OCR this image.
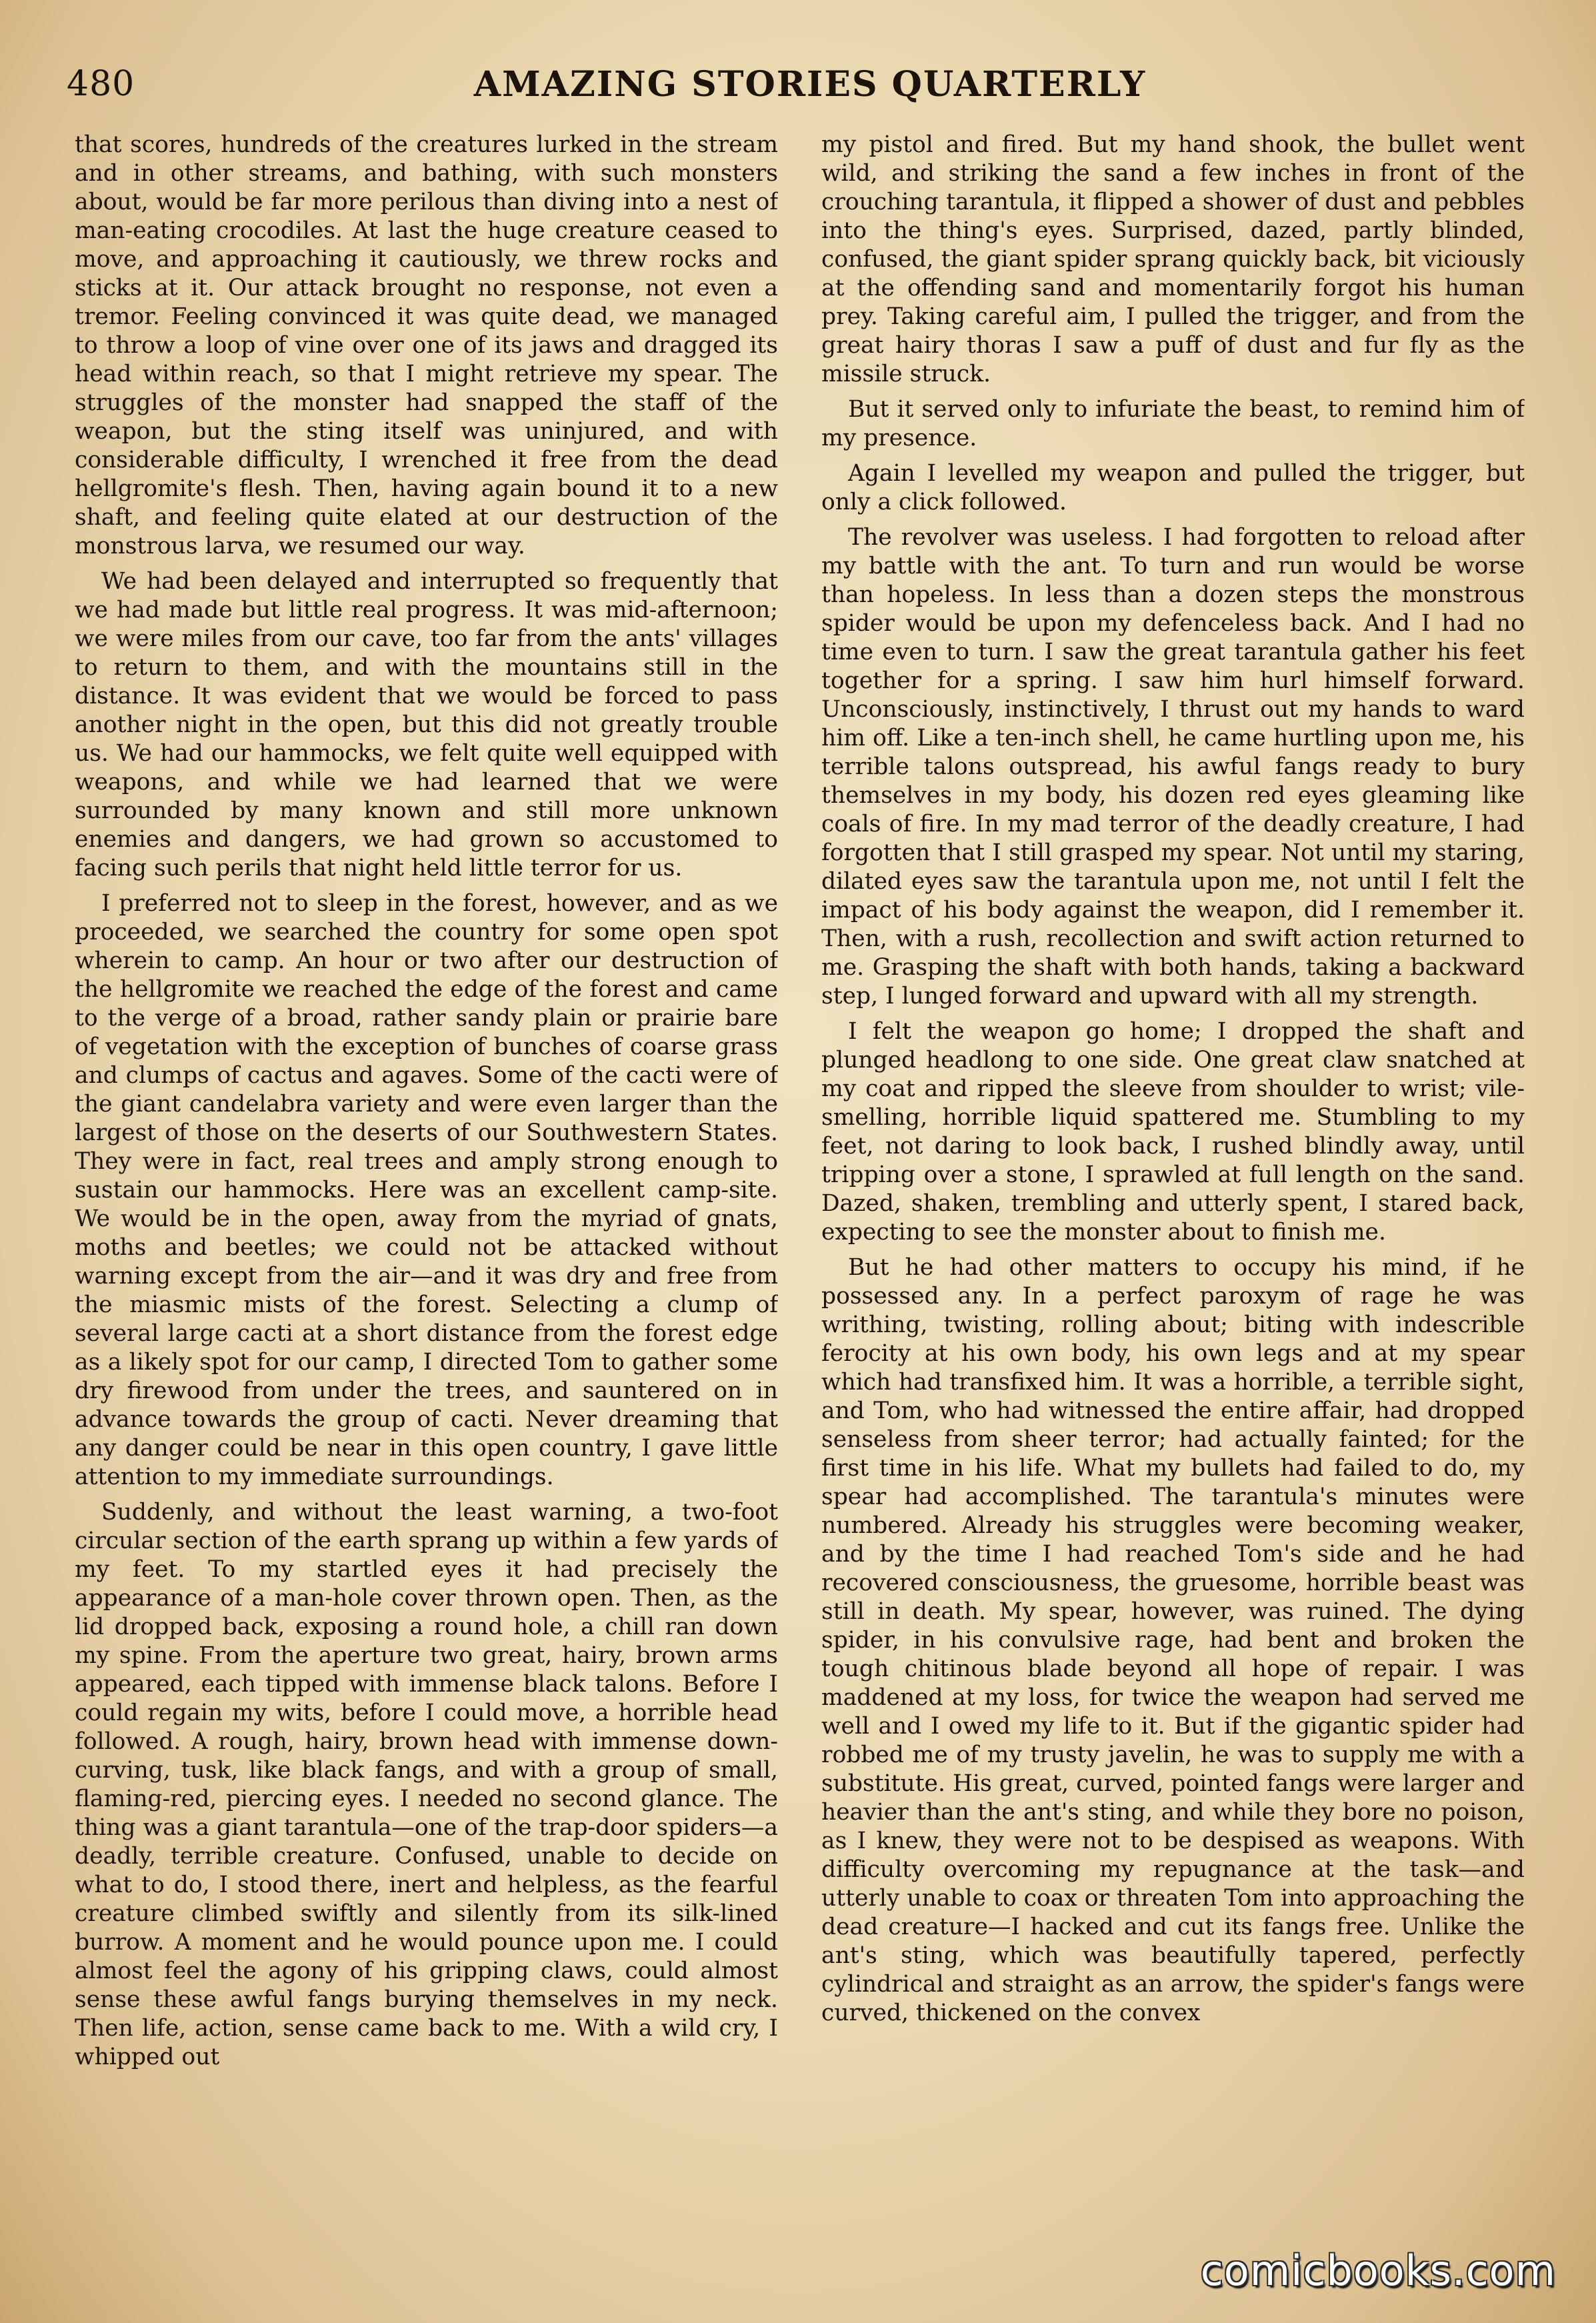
480	AMAZING STORIES QUARTERLY

that scores, hundreds of the creatures lurked in the stream and in other streams, and bathing, with such monsters about, would be far more perilous than diving into a nest of man-eating crocodiles. At last the huge creature ceased to move, and approaching it cautiously, we threw rocks and sticks at it. Our attack brought no response, not even a tremor. Feeling convinced it was quite dead, we managed to throw a loop of vine over one of its jaws and dragged its head within reach, so that I might retrieve my spear. The struggles of the monster had snapped the staff of the weapon, but the sting itself was uninjured, and with considerable difficulty, I wrenched it free from the dead hellgromite's flesh. Then, having again bound it to a new shaft, and feeling quite elated at our destruction of the monstrous larva, we resumed our way.

We had been delayed and interrupted so frequently that we had made but little real progress. It was mid-afternoon; we were miles from our cave, too far from the ants' villages to return to them, and with the mountains still in the distance. It was evident that we would be forced to pass another night in the open, but this did not greatly trouble us. We had our hammocks, we felt quite well equipped with weapons, and while we had learned that we were surrounded by many known and still more unknown enemies and dangers, we had grown so accustomed to facing such perils that night held little terror for us.

I preferred not to sleep in the forest, however, and as we proceeded, we searched the country for some open spot wherein to camp. An hour or two after our destruction of the hellgromite we reached the edge of the forest and came to the verge of a broad, rather sandy plain or prairie bare of vegetation with the exception of bunches of coarse grass and clumps of cactus and agaves. Some of the cacti were of the giant candelabra variety and were even larger than the largest of those on the deserts of our Southwestern States. They were in fact, real trees and amply strong enough to sustain our hammocks. Here was an excellent camp-site. We would be in the open, away from the myriad of gnats, moths and beetles; we could not be attacked without warning except from the air—and it was dry and free from the miasmic mists of the forest. Selecting a clump of several large cacti at a short distance from the forest edge as a likely spot for our camp, I directed Tom to gather some dry firewood from under the trees, and sauntered on in advance towards the group of cacti. Never dreaming that any danger could be near in this open country, I gave little attention to my immediate surroundings.

Suddenly, and without the least warning, a two-foot circular section of the earth sprang up within a few yards of my feet. To my startled eyes it had precisely the appearance of a man-hole cover thrown open. Then, as the lid dropped back, exposing a round hole, a chill ran down my spine. From the aperture two great, hairy, brown arms appeared, each tipped with immense black talons. Before I could regain my wits, before I could move, a horrible head followed. A rough, hairy, brown head with immense down-curving, tusk, like black fangs, and with a group of small, flaming-red, piercing eyes. I needed no second glance. The thing was a giant tarantula—one of the trap-door spiders—a deadly, terrible creature. Confused, unable to decide on what to do, I stood there, inert and helpless, as the fearful creature climbed swiftly and silently from its silk-lined burrow. A moment and he would pounce upon me. I could almost feel the agony of his gripping claws, could almost sense these awful fangs burying themselves in my neck. Then life, action, sense came back to me. With a wild cry, I whipped out

my pistol and fired. But my hand shook, the bullet went wild, and striking the sand a few inches in front of the crouching tarantula, it flipped a shower of dust and pebbles into the thing's eyes. Surprised, dazed, partly blinded, confused, the giant spider sprang quickly back, bit viciously at the offending sand and momentarily forgot his human prey. Taking careful aim, I pulled the trigger, and from the great hairy thoras I saw a puff of dust and fur fly as the missile struck.

But it served only to infuriate the beast, to remind him of my presence.

Again I levelled my weapon and pulled the trigger, but only a click followed.

The revolver was useless. I had forgotten to reload after my battle with the ant. To turn and run would be worse than hopeless. In less than a dozen steps the monstrous spider would be upon my defenceless back. And I had no time even to turn. I saw the great tarantula gather his feet together for a spring. I saw him hurl himself forward. Unconsciously, instinctively, I thrust out my hands to ward him off. Like a ten-inch shell, he came hurtling upon me, his terrible talons outspread, his awful fangs ready to bury themselves in my body, his dozen red eyes gleaming like coals of fire. In my mad terror of the deadly creature, I had forgotten that I still grasped my spear. Not until my staring, dilated eyes saw the tarantula upon me, not until I felt the impact of his body against the weapon, did I remember it. Then, with a rush, recollection and swift action returned to me. Grasping the shaft with both hands, taking a backward step, I lunged forward and upward with all my strength.

I felt the weapon go home; I dropped the shaft and plunged headlong to one side. One great claw snatched at my coat and ripped the sleeve from shoulder to wrist; vile-smelling, horrible liquid spattered me. Stumbling to my feet, not daring to look back, I rushed blindly away, until tripping over a stone, I sprawled at full length on the sand. Dazed, shaken, trembling and utterly spent, I stared back, expecting to see the monster about to finish me.

But he had other matters to occupy his mind, if he possessed any. In a perfect paroxym of rage he was writhing, twisting, rolling about; biting with indescrible ferocity at his own body, his own legs and at my spear which had transfixed him. It was a horrible, a terrible sight, and Tom, who had witnessed the entire affair, had dropped senseless from sheer terror; had actually fainted; for the first time in his life. What my bullets had failed to do, my spear had accomplished. The tarantula's minutes were numbered. Already his struggles were becoming weaker, and by the time I had reached Tom's side and he had recovered consciousness, the gruesome, horrible beast was still in death. My spear, however, was ruined. The dying spider, in his convulsive rage, had bent and broken the tough chitinous blade beyond all hope of repair. I was maddened at my loss, for twice the weapon had served me well and I owed my life to it. But if the gigantic spider had robbed me of my trusty javelin, he was to supply me with a substitute. His great, curved, pointed fangs were larger and heavier than the ant's sting, and while they bore no poison, as I knew, they were not to be despised as weapons. With difficulty overcoming my repugnance at the task—and utterly unable to coax or threaten Tom into approaching the dead creature—I hacked and cut its fangs free. Unlike the ant's sting, which was beautifully tapered, perfectly cylindrical and straight as an arrow, the spider's fangs were curved, thickened on the convex

comicbooks.com
